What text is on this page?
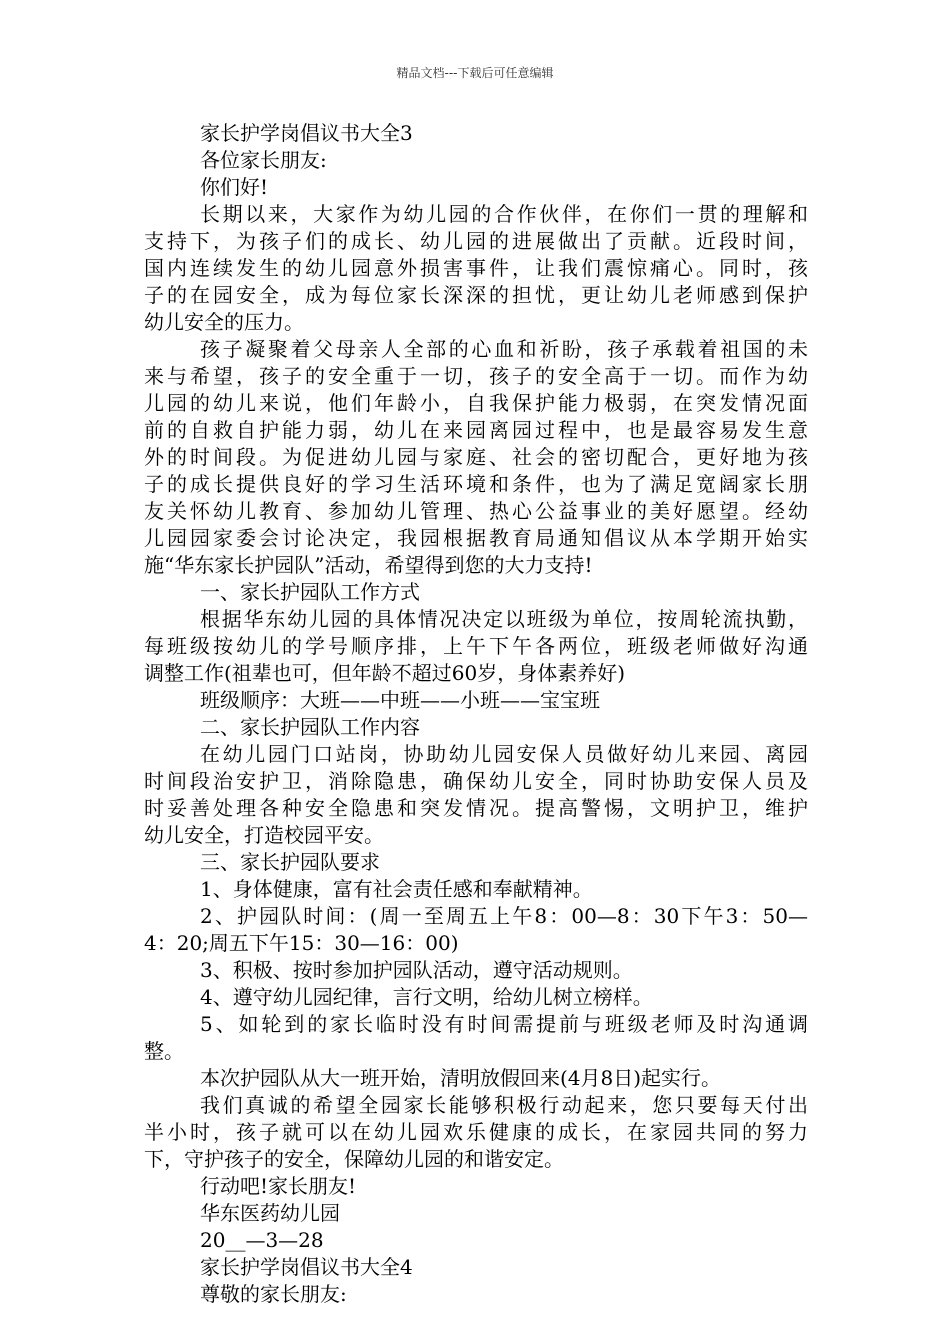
精品文档---下载后可任意编辑
家长护学岗倡议书大全3
各位家长朋友:
你们好!
长期以来，大家作为幼儿园的合作伙伴，在你们一贯的理解和
支持下，为孩子们的成长、幼儿园的进展做出了贡献。近段时间，
国内连续发生的幼儿园意外损害事件，让我们震惊痛心。同时，孩
子的在园安全，成为每位家长深深的担忧，更让幼儿老师感到保护
幼儿安全的压力。
孩子凝聚着父母亲人全部的心血和祈盼，孩子承载着祖国的未
来与希望，孩子的安全重于一切，孩子的安全高于一切。而作为幼
儿园的幼儿来说，他们年龄小，自我保护能力极弱，在突发情况面
前的自救自护能力弱，幼儿在来园离园过程中，也是最容易发生意
外的时间段。为促进幼儿园与家庭、社会的密切配合，更好地为孩
子的成长提供良好的学习生活环境和条件，也为了满足宽阔家长朋
友关怀幼儿教育、参加幼儿管理、热心公益事业的美好愿望。经幼
儿园园家委会讨论决定，我园根据教育局通知倡议从本学期开始实
施“华东家长护园队”活动，希望得到您的大力支持!
一、家长护园队工作方式
根据华东幼儿园的具体情况决定以班级为单位，按周轮流执勤，
每班级按幼儿的学号顺序排，上午下午各两位，班级老师做好沟通
调整工作(祖辈也可，但年龄不超过60岁，身体素养好)
班级顺序：大班——中班——小班——宝宝班
二、家长护园队工作内容
在幼儿园门口站岗，协助幼儿园安保人员做好幼儿来园、离园
时间段治安护卫，消除隐患，确保幼儿安全，同时协助安保人员及
时妥善处理各种安全隐患和突发情况。提高警惕，文明护卫，维护
幼儿安全，打造校园平安。
三、家长护园队要求
1、身体健康，富有社会责任感和奉献精神。
2、护园队时间：(周一至周五上午8：00—8：30下午3：50—
4：20;周五下午15：30—16：00)
3、积极、按时参加护园队活动，遵守活动规则。
4、遵守幼儿园纪律，言行文明，给幼儿树立榜样。
5、如轮到的家长临时没有时间需提前与班级老师及时沟通调
整。
本次护园队从大一班开始，清明放假回来(4月8日)起实行。
我们真诚的希望全园家长能够积极行动起来，您只要每天付出
半小时，孩子就可以在幼儿园欢乐健康的成长，在家园共同的努力
下，守护孩子的安全，保障幼儿园的和谐安定。
行动吧!家长朋友!
华东医药幼儿园
20__—3—28
家长护学岗倡议书大全4
尊敬的家长朋友:
